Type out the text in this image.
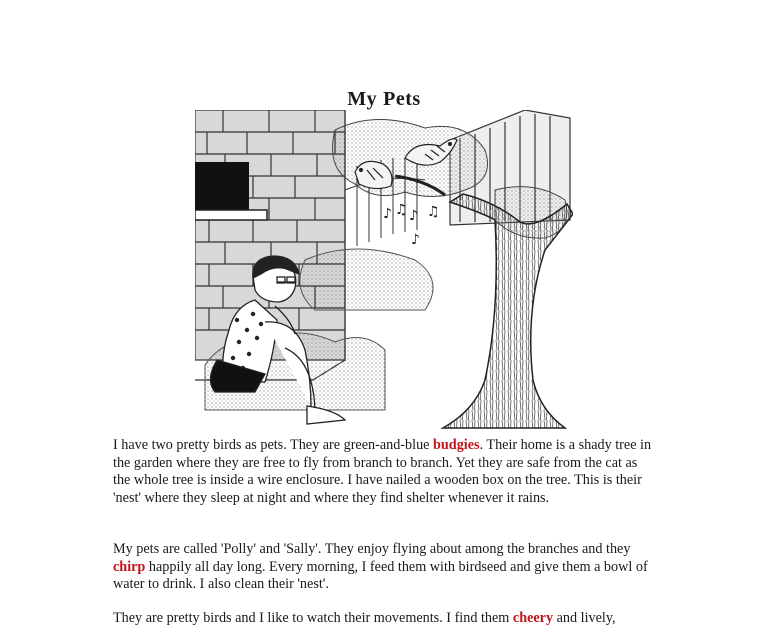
My Pets
♪ ♫ ♪ ♫
♪

I have two pretty birds as pets. They are green-and-blue budgies. Their home is a shady tree in the garden where they are free to fly from branch to branch. Yet they are safe from the cat as the whole tree is inside a wire enclosure. I have nailed a wooden box on the tree. This is their 'nest' where they sleep at night and where they find shelter whenever it rains.

My pets are called 'Polly' and 'Sally'. They enjoy flying about among the branches and they chirp happily all day long. Every morning, I feed them with birdseed and give them a bowl of water to drink. I also clean their 'nest'.

They are pretty birds and I like to watch their movements. I find them cheery and lively,
